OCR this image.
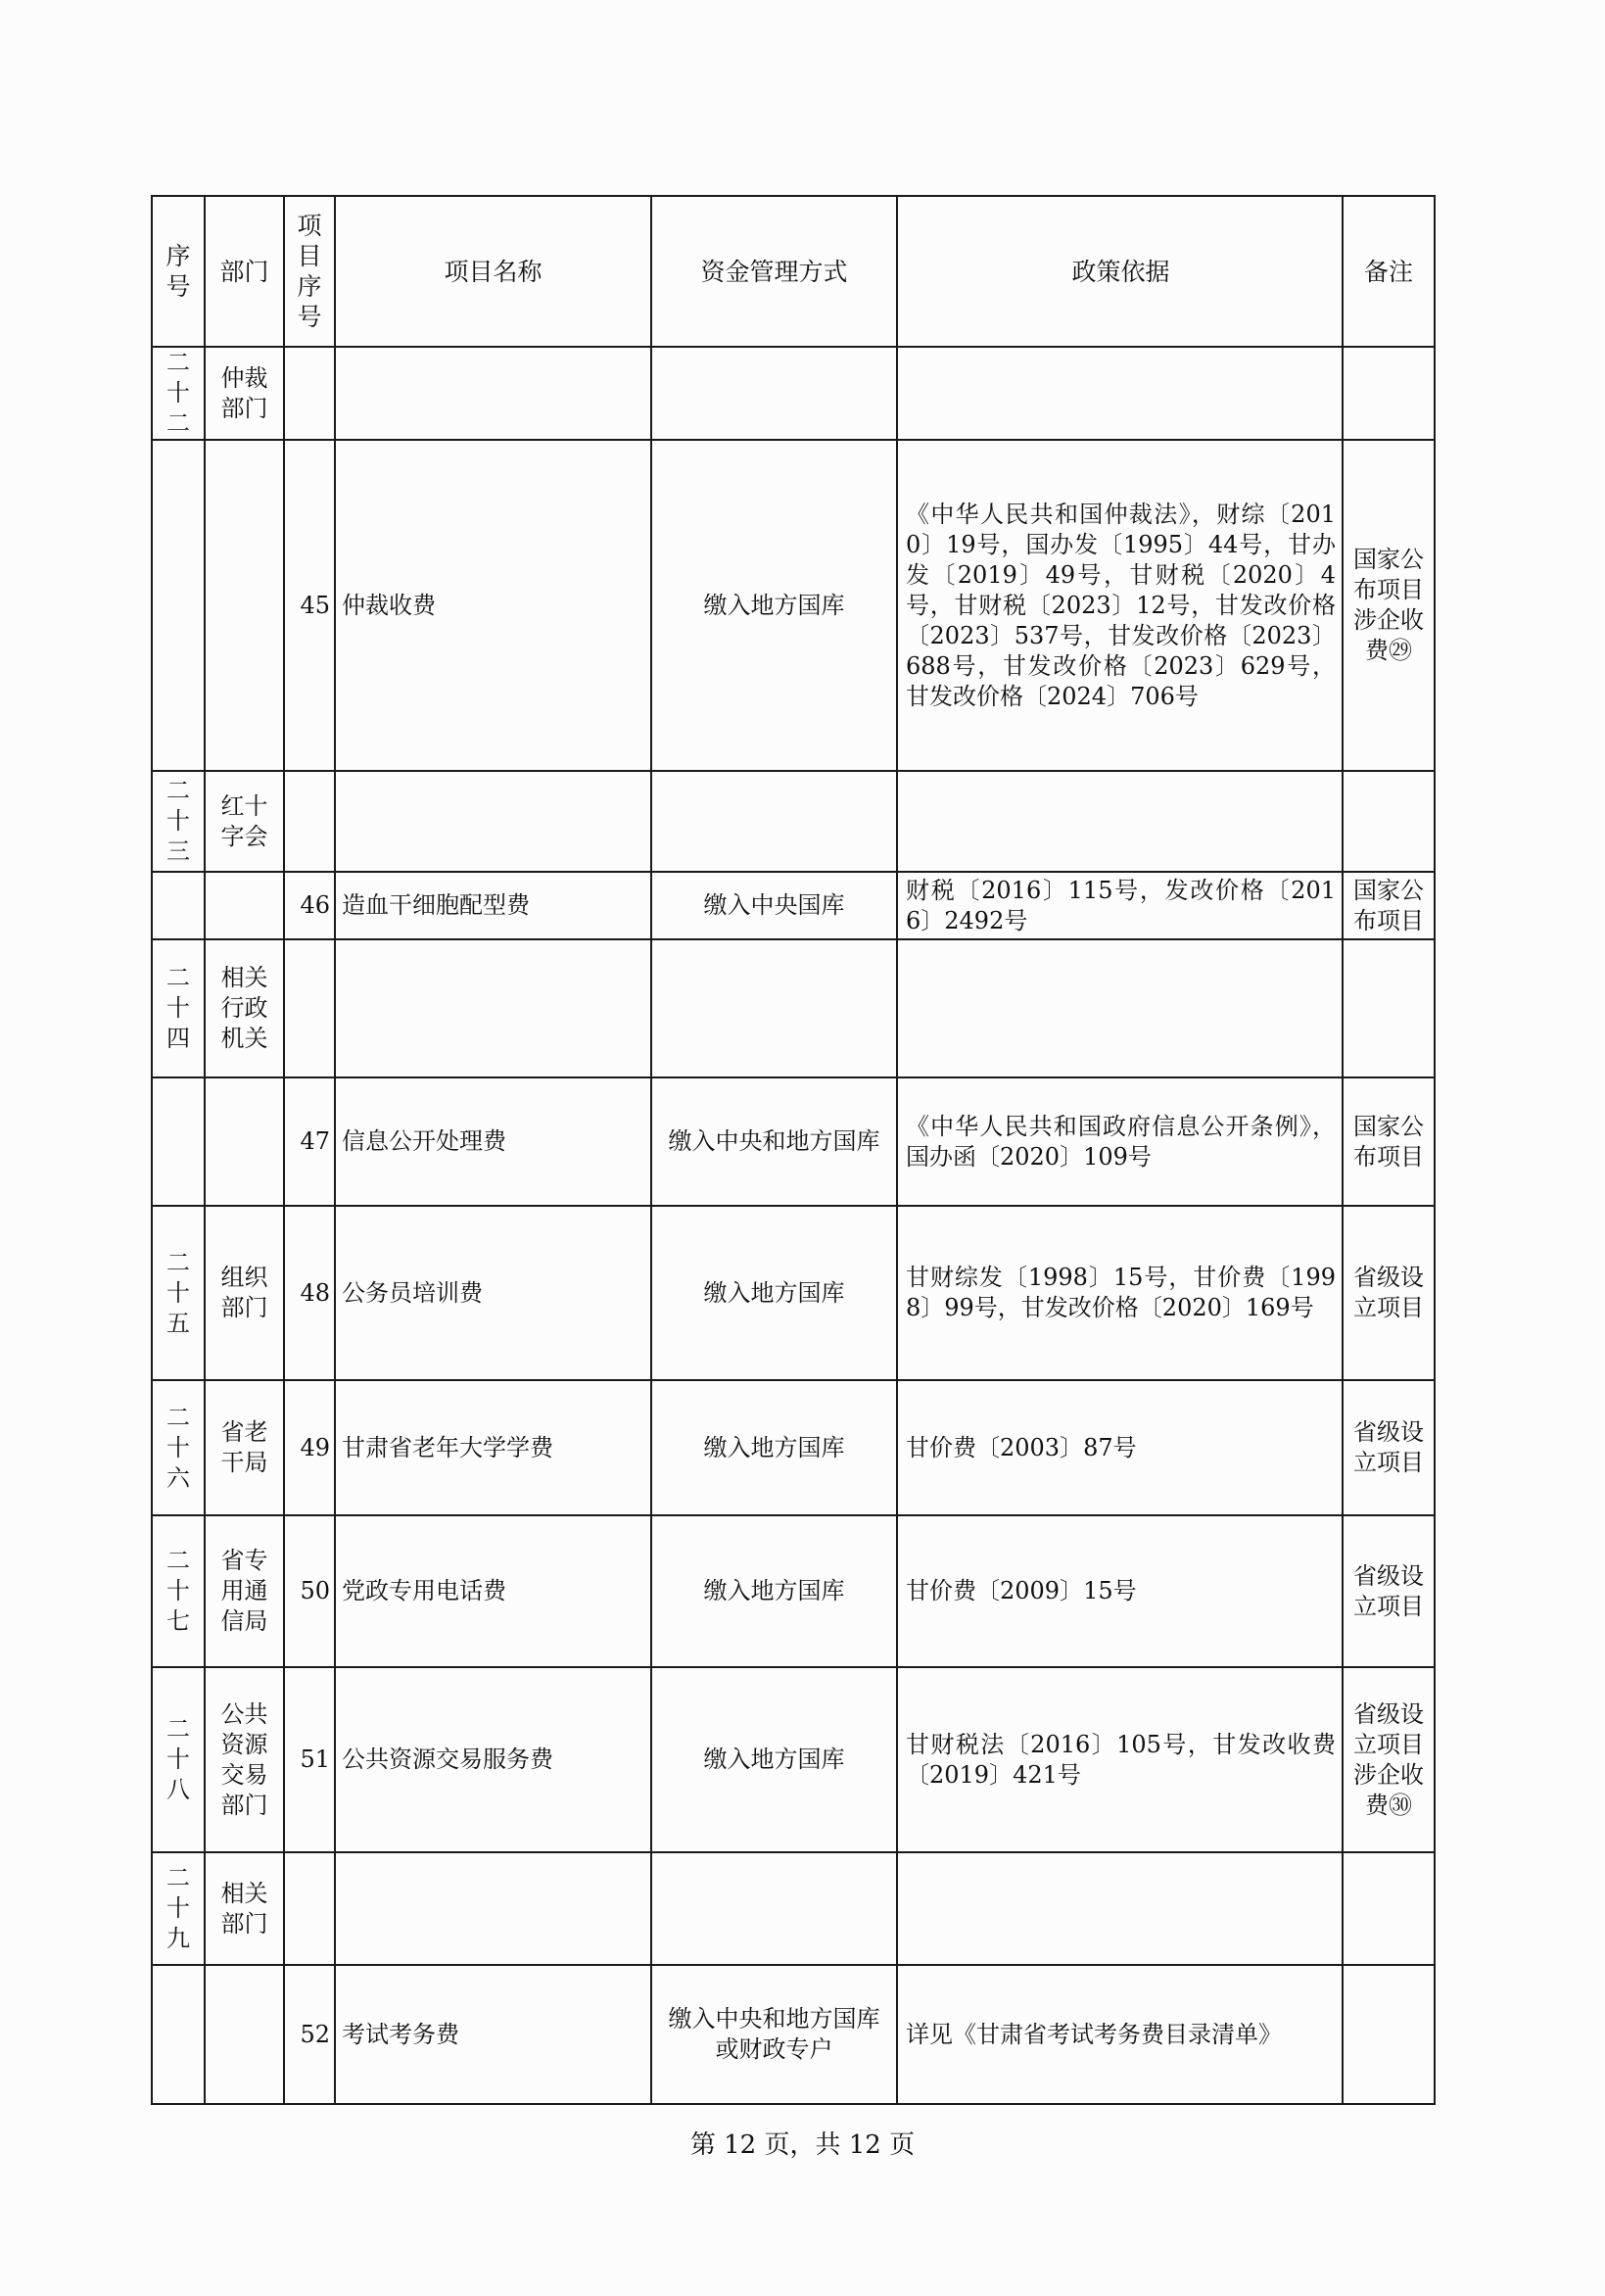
序号	部门	项目序号	项目名称	资金管理方式	政策依据	备注
二十二	仲裁部门					
		45	仲裁收费	缴入地方国库	《中华人民共和国仲裁法》，财综〔2010〕19号，国办发〔1995〕44号，甘办发〔2019〕49号，甘财税〔2020〕4号，甘财税〔2023〕12号，甘发改价格〔2023〕537号，甘发改价格〔2023〕688号，甘发改价格〔2023〕629号，甘发改价格〔2024〕706号	国家公布项目涉企收费㉙
二十三	红十字会					
		46	造血干细胞配型费	缴入中央国库	财税〔2016〕115号，发改价格〔2016〕2492号	国家公布项目
二十四	相关行政机关					
		47	信息公开处理费	缴入中央和地方国库	《中华人民共和国政府信息公开条例》，国办函〔2020〕109号	国家公布项目
二十五	组织部门	48	公务员培训费	缴入地方国库	甘财综发〔1998〕15号，甘价费〔1998〕99号，甘发改价格〔2020〕169号	省级设立项目
二十六	省老干局	49	甘肃省老年大学学费	缴入地方国库	甘价费〔2003〕87号	省级设立项目
二十七	省专用通信局	50	党政专用电话费	缴入地方国库	甘价费〔2009〕15号	省级设立项目
二十八	公共资源交易部门	51	公共资源交易服务费	缴入地方国库	甘财税法〔2016〕105号，甘发改收费〔2019〕421号	省级设立项目涉企收费㉚
二十九	相关部门					
		52	考试考务费	缴入中央和地方国库或财政专户	详见《甘肃省考试考务费目录清单》	
第 12 页，共 12 页
